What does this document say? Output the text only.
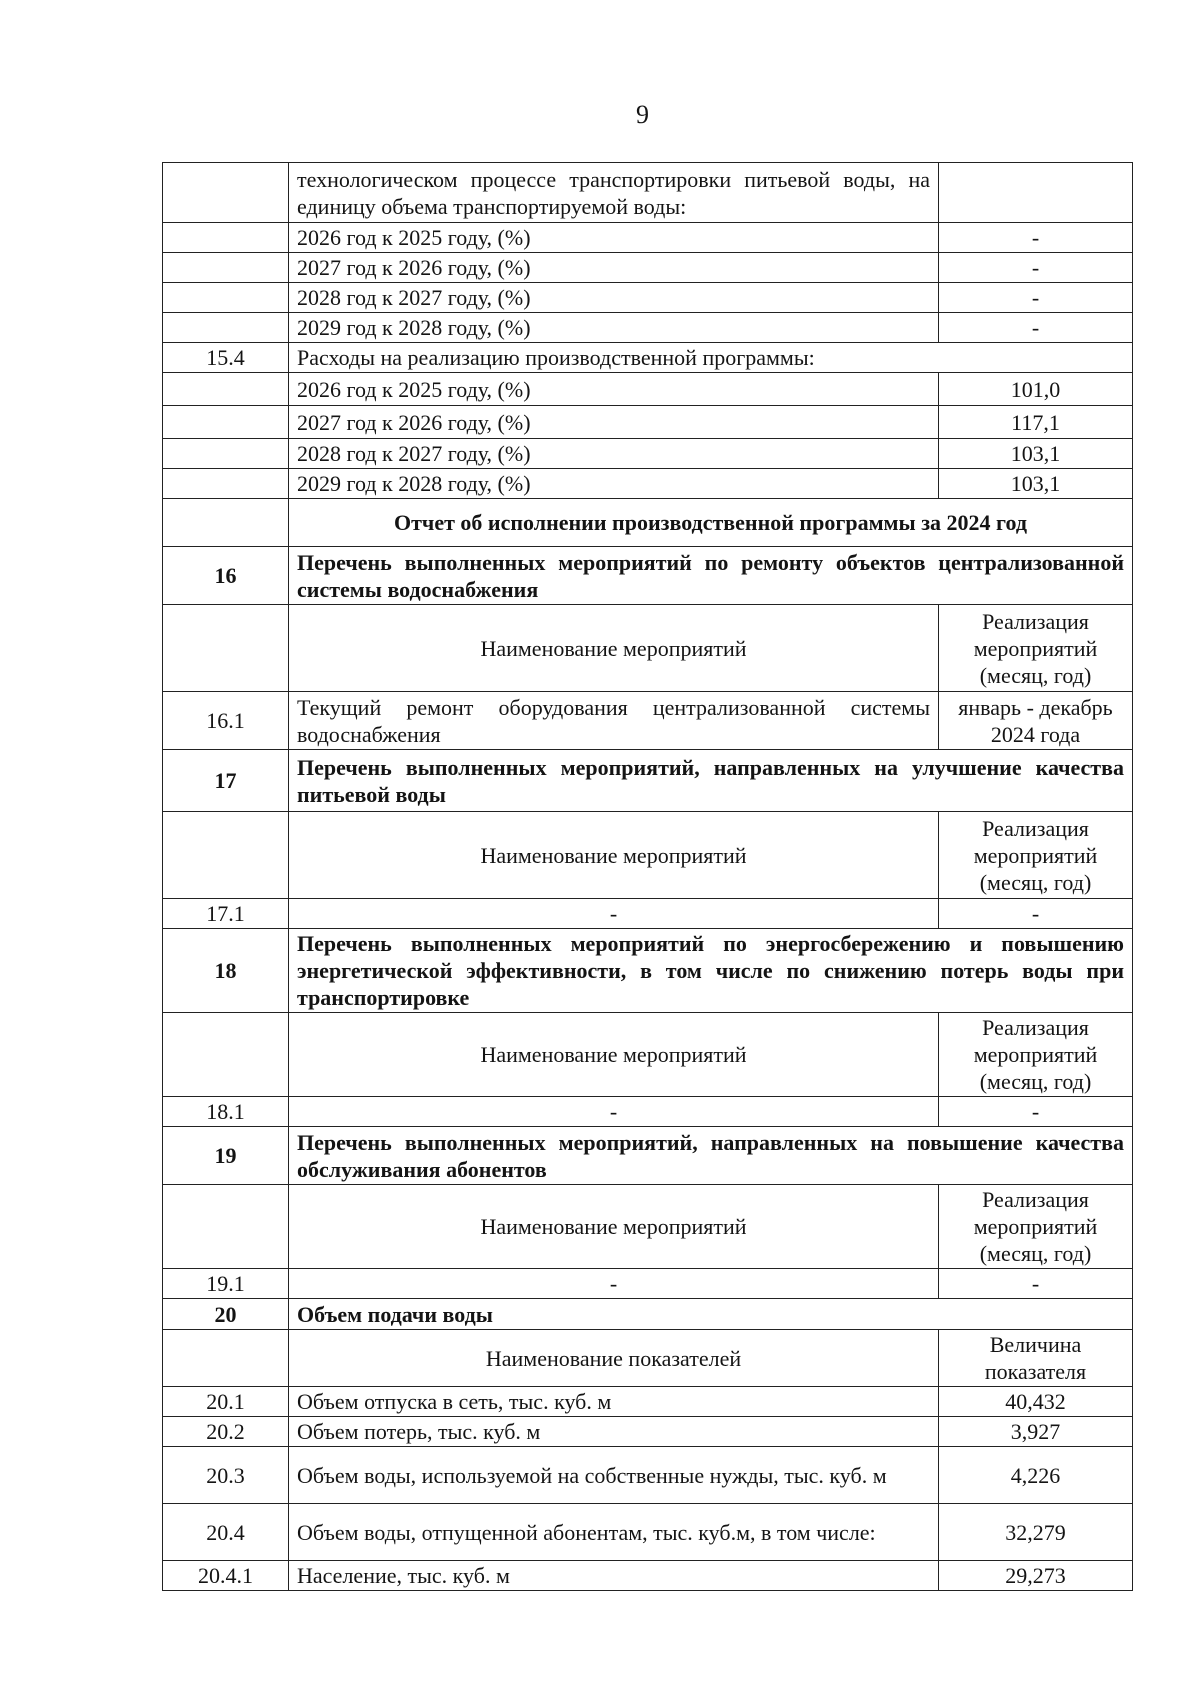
9
	технологическом процессе транспортировки питьевой воды, на единицу объема транспортируемой воды:	
	2026 год к 2025 году, (%)	-
	2027 год к 2026 году, (%)	-
	2028 год к 2027 году, (%)	-
	2029 год к 2028 году, (%)	-
15.4	Расходы на реализацию производственной программы:	
	2026 год к 2025 году, (%)	101,0
	2027 год к 2026 году, (%)	117,1
	2028 год к 2027 году, (%)	103,1
	2029 год к 2028 году, (%)	103,1
	Отчет об исполнении производственной программы за 2024 год	
16	Перечень выполненных мероприятий по ремонту объектов централизованной системы водоснабжения	
	Наименование мероприятий	Реализация мероприятий (месяц, год)
16.1	Текущий ремонт оборудования централизованной системы водоснабжения	январь - декабрь 2024 года
17	Перечень выполненных мероприятий, направленных на улучшение качества питьевой воды	
	Наименование мероприятий	Реализация мероприятий (месяц, год)
17.1	-	-
18	Перечень выполненных мероприятий по энергосбережению и повышению энергетической эффективности, в том числе по снижению потерь воды при транспортировке	
	Наименование мероприятий	Реализация мероприятий (месяц, год)
18.1	-	-
19	Перечень выполненных мероприятий, направленных на повышение качества обслуживания абонентов	
	Наименование мероприятий	Реализация мероприятий (месяц, год)
19.1	-	-
20	Объем подачи воды	
	Наименование показателей	Величина показателя
20.1	Объем отпуска в сеть, тыс. куб. м	40,432
20.2	Объем потерь, тыс. куб. м	3,927
20.3	Объем воды, используемой на собственные нужды, тыс. куб. м	4,226
20.4	Объем воды, отпущенной абонентам, тыс. куб.м, в том числе:	32,279
20.4.1	Население, тыс. куб. м	29,273
